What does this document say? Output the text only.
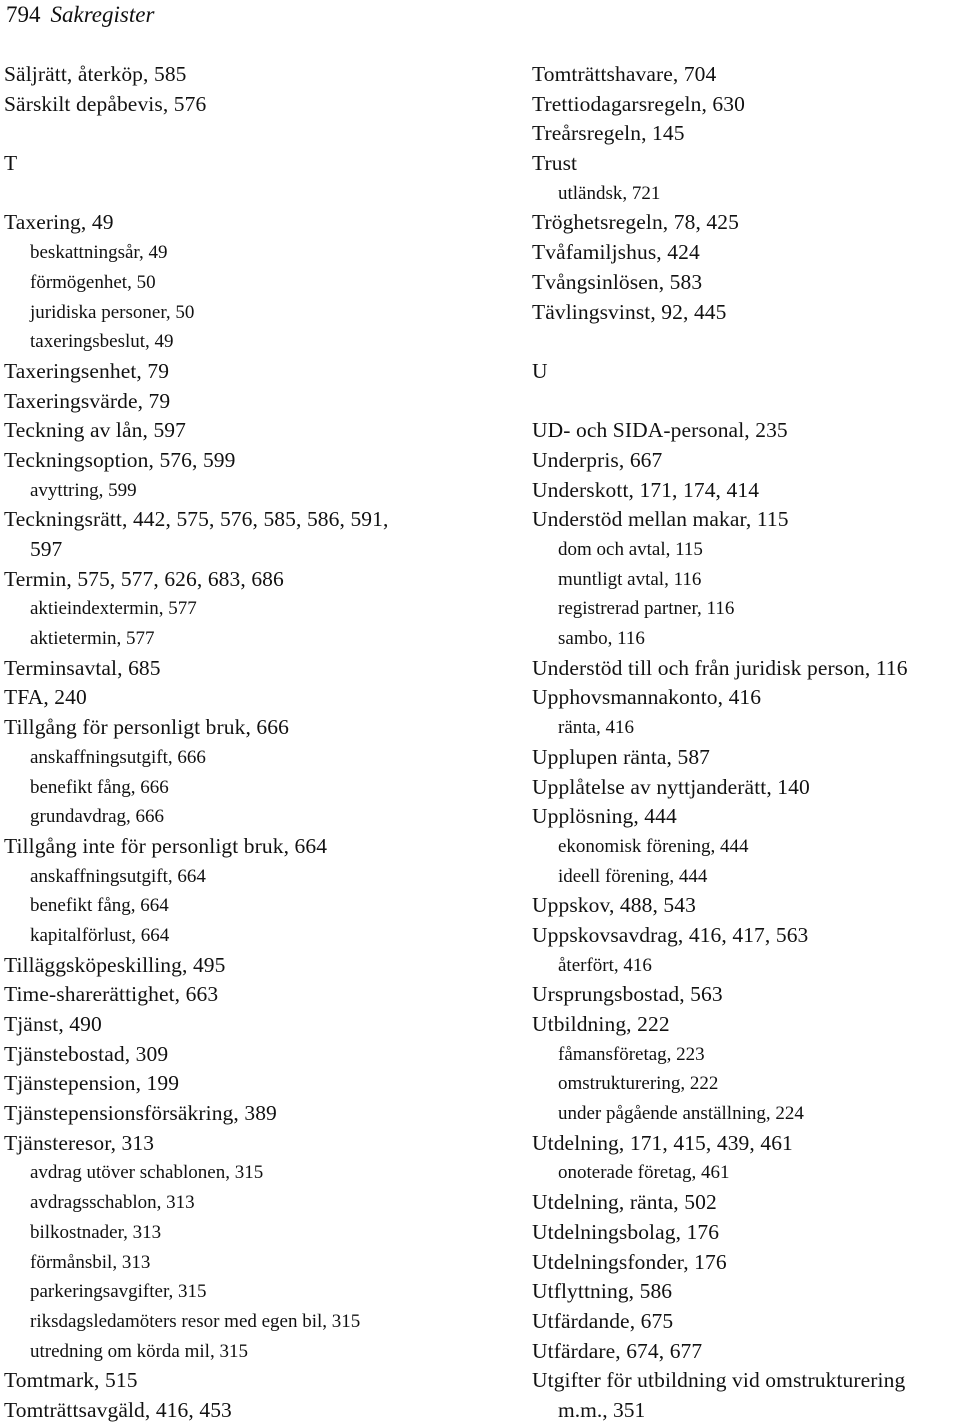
794 Sakregister
Säljrätt, återköp, 585
Särskilt depåbevis, 576
T
Taxering, 49
beskattningsår, 49
förmögenhet, 50
juridiska personer, 50
taxeringsbeslut, 49
Taxeringsenhet, 79
Taxeringsvärde, 79
Teckning av lån, 597
Teckningsoption, 576, 599
avyttring, 599
Teckningsrätt, 442, 575, 576, 585, 586, 591,
597
Termin, 575, 577, 626, 683, 686
aktieindextermin, 577
aktietermin, 577
Terminsavtal, 685
TFA, 240
Tillgång för personligt bruk, 666
anskaffningsutgift, 666
benefikt fång, 666
grundavdrag, 666
Tillgång inte för personligt bruk, 664
anskaffningsutgift, 664
benefikt fång, 664
kapitalförlust, 664
Tilläggsköpeskilling, 495
Time-sharerättighet, 663
Tjänst, 490
Tjänstebostad, 309
Tjänstepension, 199
Tjänstepensionsförsäkring, 389
Tjänsteresor, 313
avdrag utöver schablonen, 315
avdragsschablon, 313
bilkostnader, 313
förmånsbil, 313
parkeringsavgifter, 315
riksdagsledamöters resor med egen bil, 315
utredning om körda mil, 315
Tomtmark, 515
Tomträttsavgäld, 416, 453
Tomträttshavare, 704
Trettiodagarsregeln, 630
Treårsregeln, 145
Trust
utländsk, 721
Tröghetsregeln, 78, 425
Tvåfamiljshus, 424
Tvångsinlösen, 583
Tävlingsvinst, 92, 445
U
UD- och SIDA-personal, 235
Underpris, 667
Underskott, 171, 174, 414
Understöd mellan makar, 115
dom och avtal, 115
muntligt avtal, 116
registrerad partner, 116
sambo, 116
Understöd till och från juridisk person, 116
Upphovsmannakonto, 416
ränta, 416
Upplupen ränta, 587
Upplåtelse av nyttjanderätt, 140
Upplösning, 444
ekonomisk förening, 444
ideell förening, 444
Uppskov, 488, 543
Uppskovsavdrag, 416, 417, 563
återfört, 416
Ursprungsbostad, 563
Utbildning, 222
fåmansföretag, 223
omstrukturering, 222
under pågående anställning, 224
Utdelning, 171, 415, 439, 461
onoterade företag, 461
Utdelning, ränta, 502
Utdelningsbolag, 176
Utdelningsfonder, 176
Utflyttning, 586
Utfärdande, 675
Utfärdare, 674, 677
Utgifter för utbildning vid omstrukturering
m.m., 351
